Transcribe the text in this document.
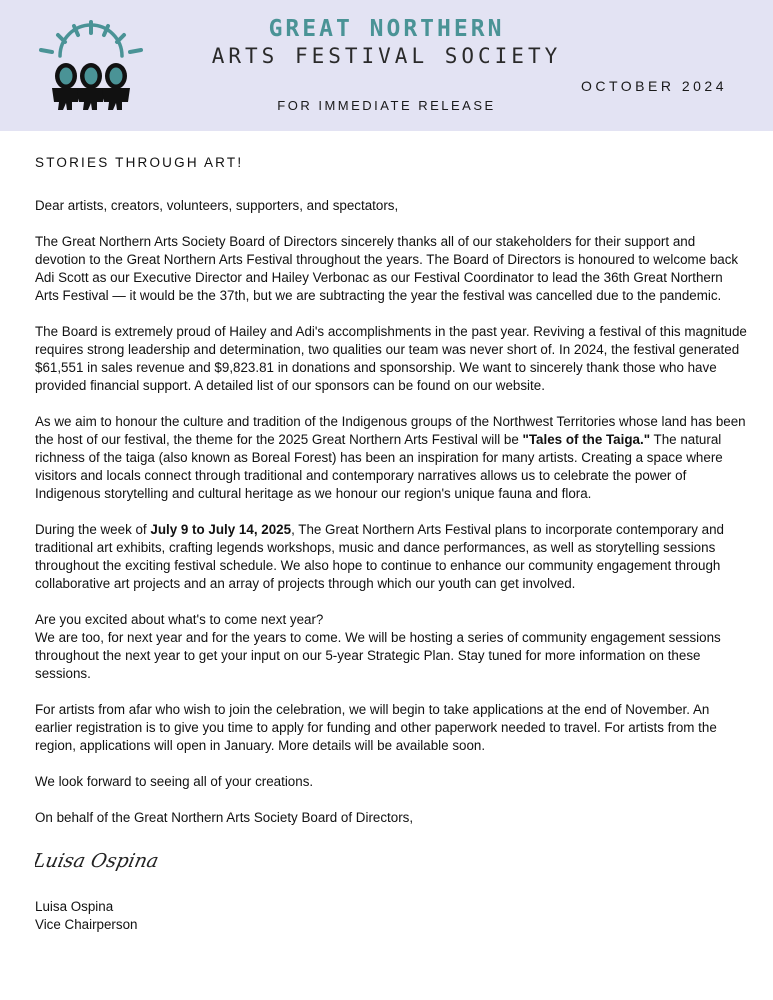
GREAT NORTHERN
ARTS FESTIVAL SOCIETY
OCTOBER 2024
FOR IMMEDIATE RELEASE
STORIES THROUGH ART!

Dear artists, creators, volunteers, supporters, and spectators,

The Great Northern Arts Society Board of Directors sincerely thanks all of our stakeholders for their support and devotion to the Great Northern Arts Festival throughout the years. The Board of Directors is honoured to welcome back Adi Scott as our Executive Director and Hailey Verbonac as our Festival Coordinator to lead the 36th Great Northern Arts Festival — it would be the 37th, but we are subtracting the year the festival was cancelled due to the pandemic.

The Board is extremely proud of Hailey and Adi's accomplishments in the past year. Reviving a festival of this magnitude requires strong leadership and determination, two qualities our team was never short of. In 2024, the festival generated $61,551 in sales revenue and $9,823.81 in donations and sponsorship. We want to sincerely thank those who have provided financial support. A detailed list of our sponsors can be found on our website.

As we aim to honour the culture and tradition of the Indigenous groups of the Northwest Territories whose land has been the host of our festival, the theme for the 2025 Great Northern Arts Festival will be "Tales of the Taiga." The natural richness of the taiga (also known as Boreal Forest) has been an inspiration for many artists. Creating a space where visitors and locals connect through traditional and contemporary narratives allows us to celebrate the power of Indigenous storytelling and cultural heritage as we honour our region's unique fauna and flora.

During the week of July 9 to July 14, 2025, The Great Northern Arts Festival plans to incorporate contemporary and traditional art exhibits, crafting legends workshops, music and dance performances, as well as storytelling sessions throughout the exciting festival schedule. We also hope to continue to enhance our community engagement through collaborative art projects and an array of projects through which our youth can get involved.

Are you excited about what's to come next year?
We are too, for next year and for the years to come. We will be hosting a series of community engagement sessions throughout the next year to get your input on our 5-year Strategic Plan. Stay tuned for more information on these sessions.

For artists from afar who wish to join the celebration, we will begin to take applications at the end of November. An earlier registration is to give you time to apply for funding and other paperwork needed to travel. For artists from the region, applications will open in January. More details will be available soon.

We look forward to seeing all of your creations.

On behalf of the Great Northern Arts Society Board of Directors,

Luisa Ospina
Luisa Ospina
Vice Chairperson
